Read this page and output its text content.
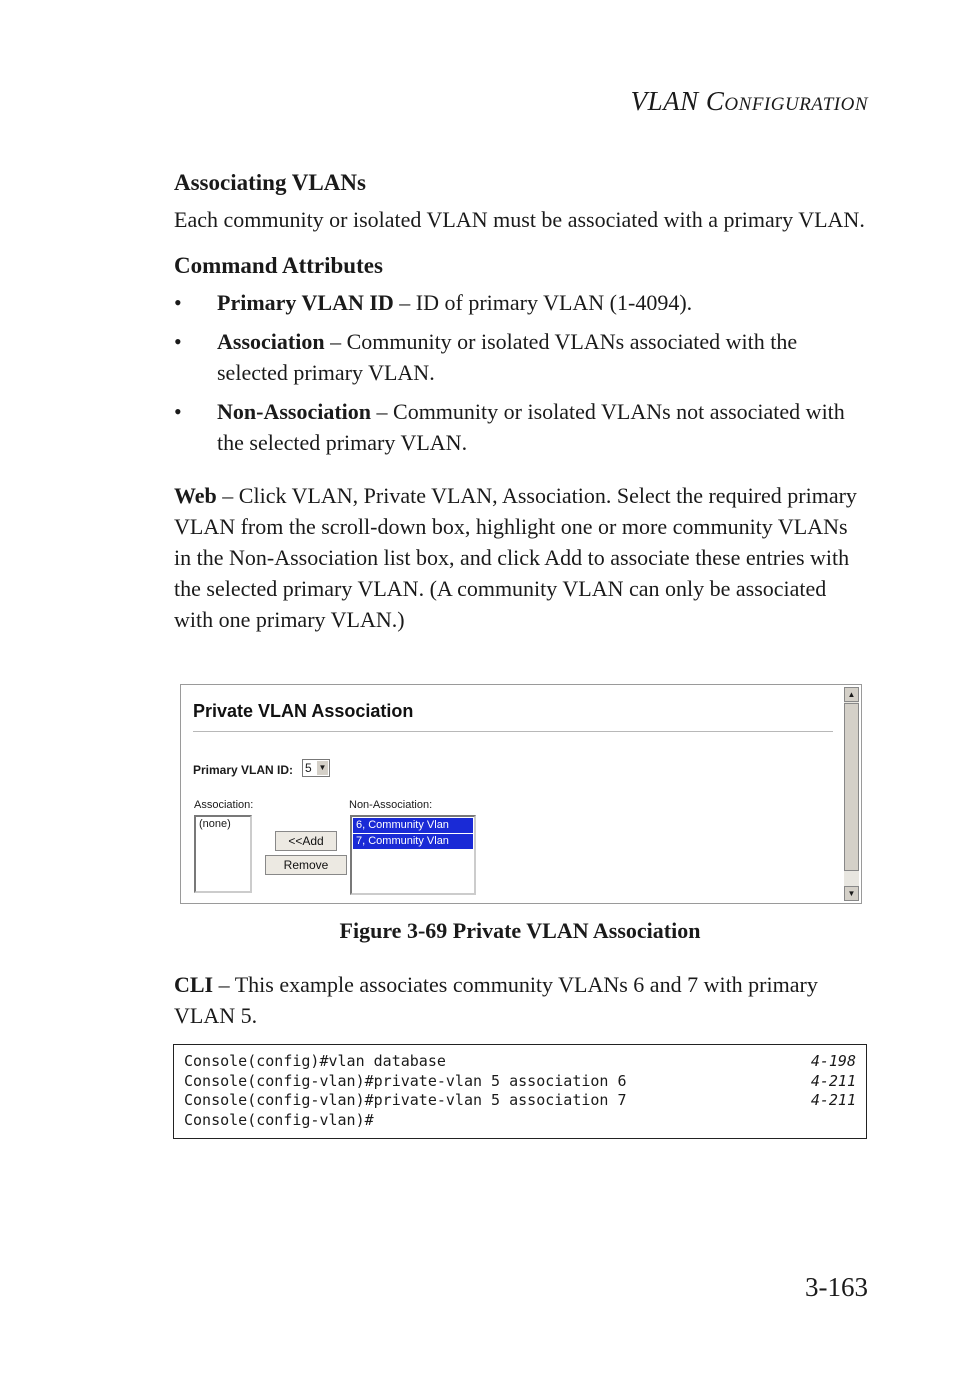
VLAN CONFIGURATION
Associating VLANs

Each community or isolated VLAN must be associated with a primary VLAN.

Command Attributes
• Primary VLAN ID – ID of primary VLAN (1-4094).
• Association – Community or isolated VLANs associated with the selected primary VLAN.
• Non-Association – Community or isolated VLANs not associated with the selected primary VLAN.

Web – Click VLAN, Private VLAN, Association. Select the required primary VLAN from the scroll-down box, highlight one or more community VLANs in the Non-Association list box, and click Add to associate these entries with the selected primary VLAN. (A community VLAN can only be associated with one primary VLAN.)

Private VLAN Association
Primary VLAN ID: 5 ▼
Association:
(none)
<<Add
Remove
Non-Association:
6, Community Vlan
7, Community Vlan
▲
▼
Figure 3-69 Private VLAN Association

CLI – This example associates community VLANs 6 and 7 with primary VLAN 5.

Console(config)#vlan database	4-198
Console(config-vlan)#private-vlan 5 association 6	4-211
Console(config-vlan)#private-vlan 5 association 7	4-211
Console(config-vlan)#
3-163
